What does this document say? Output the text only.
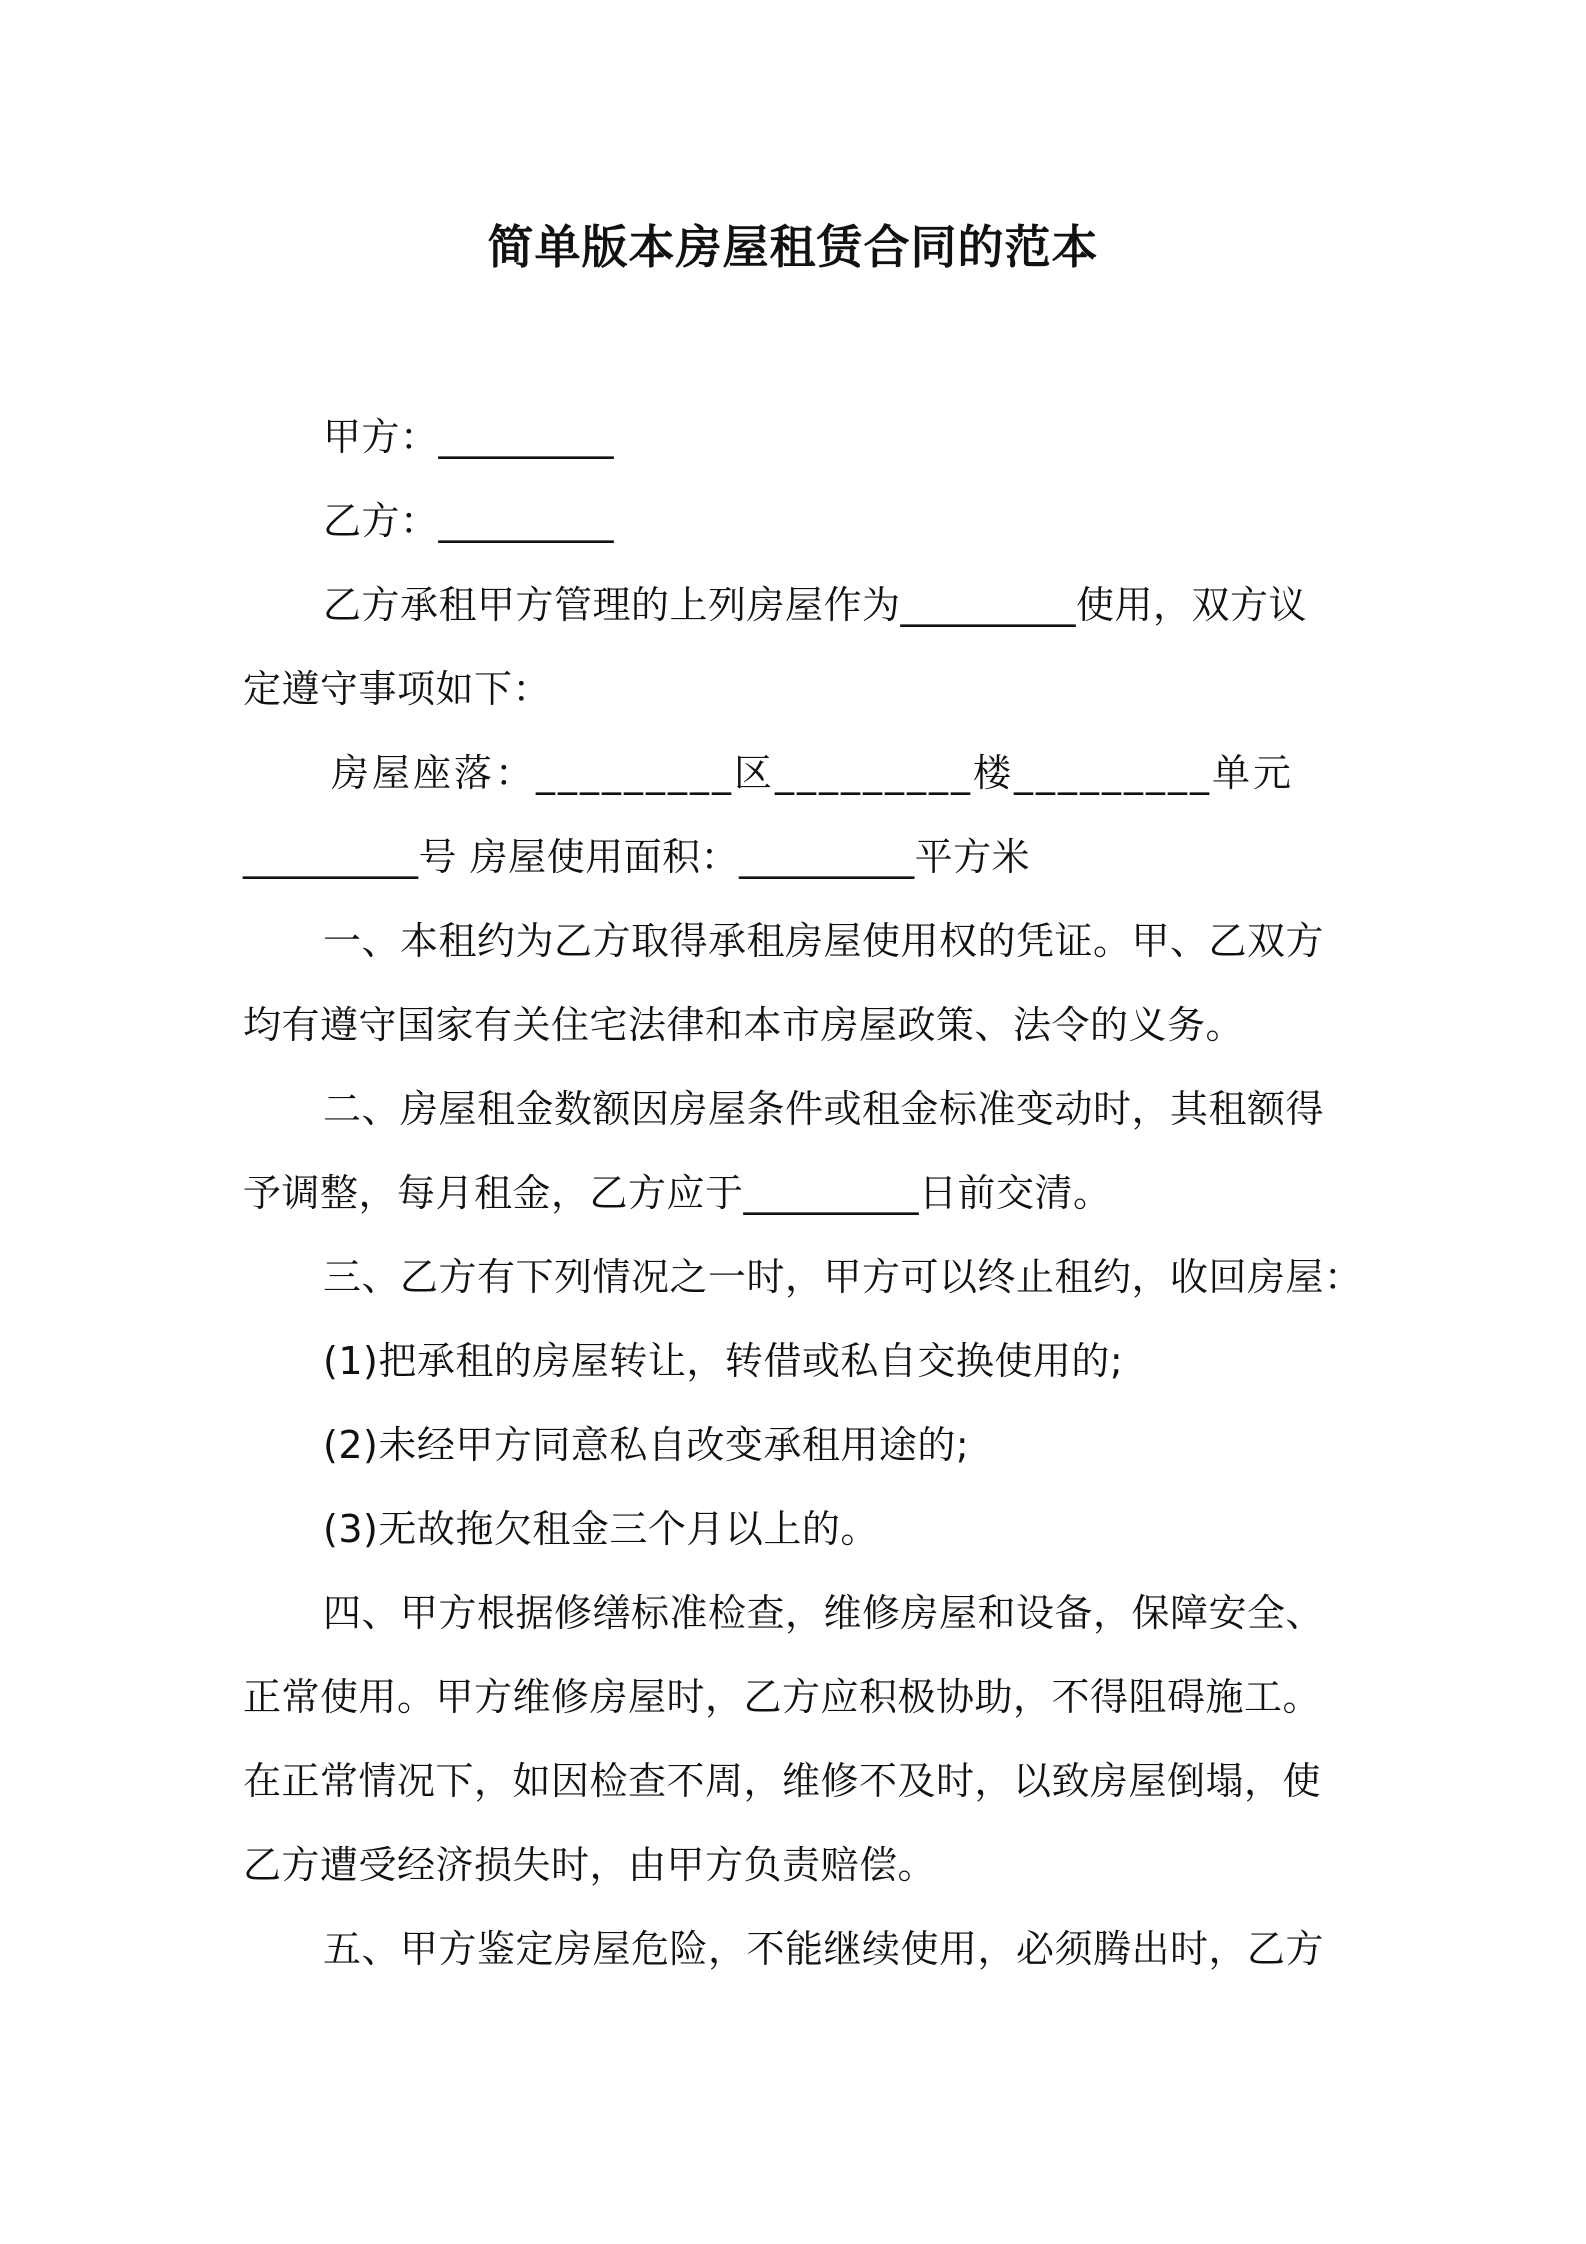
简单版本房屋租赁合同的范本
甲方：_________
乙方：_________
乙方承租甲方管理的上列房屋作为_________使用，双方议
定遵守事项如下：
房屋座落：_________区_________楼_________单元
_________号 房屋使用面积：_________平方米
一、本租约为乙方取得承租房屋使用权的凭证。甲、乙双方
均有遵守国家有关住宅法律和本市房屋政策、法令的义务。
二、房屋租金数额因房屋条件或租金标准变动时，其租额得
予调整，每月租金，乙方应于_________日前交清。
三、乙方有下列情况之一时，甲方可以终止租约，收回房屋：
(1)把承租的房屋转让，转借或私自交换使用的;
(2)未经甲方同意私自改变承租用途的;
(3)无故拖欠租金三个月以上的。
四、甲方根据修缮标准检查，维修房屋和设备，保障安全、
正常使用。甲方维修房屋时，乙方应积极协助，不得阻碍施工。
在正常情况下，如因检查不周，维修不及时，以致房屋倒塌，使
乙方遭受经济损失时，由甲方负责赔偿。
五、甲方鉴定房屋危险，不能继续使用，必须腾出时，乙方
